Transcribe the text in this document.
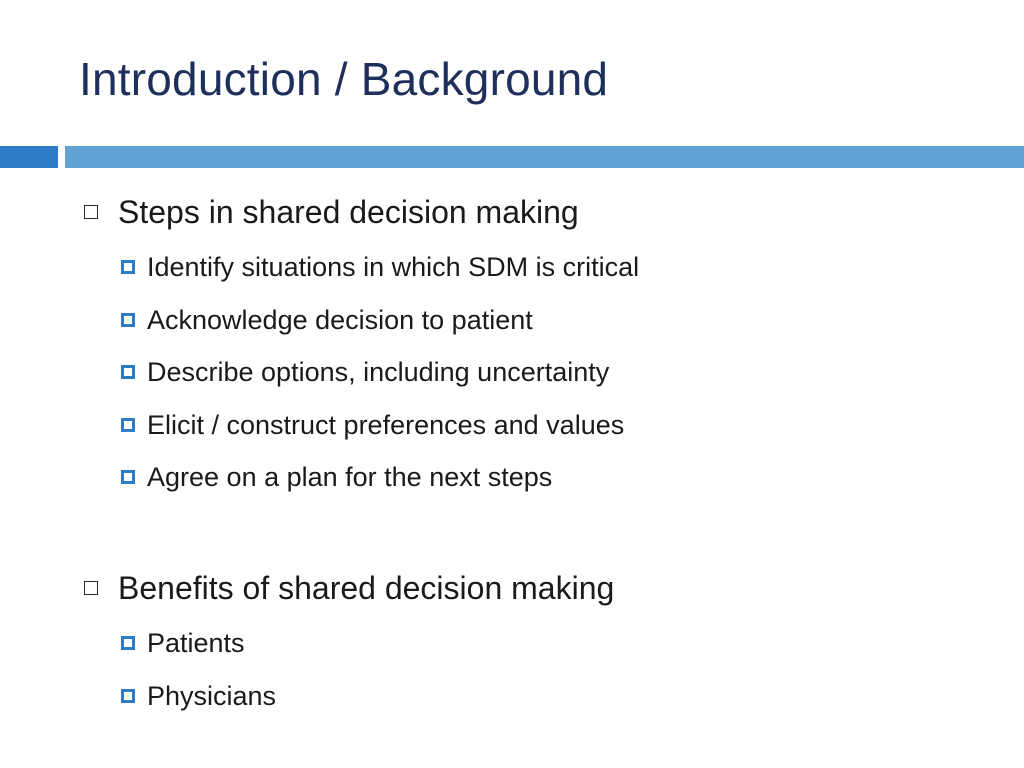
Introduction / Background
Steps in shared decision making
Identify situations in which SDM is critical
Acknowledge decision to patient
Describe options, including uncertainty
Elicit / construct preferences and values
Agree on a plan for the next steps
Benefits of shared decision making
Patients
Physicians
